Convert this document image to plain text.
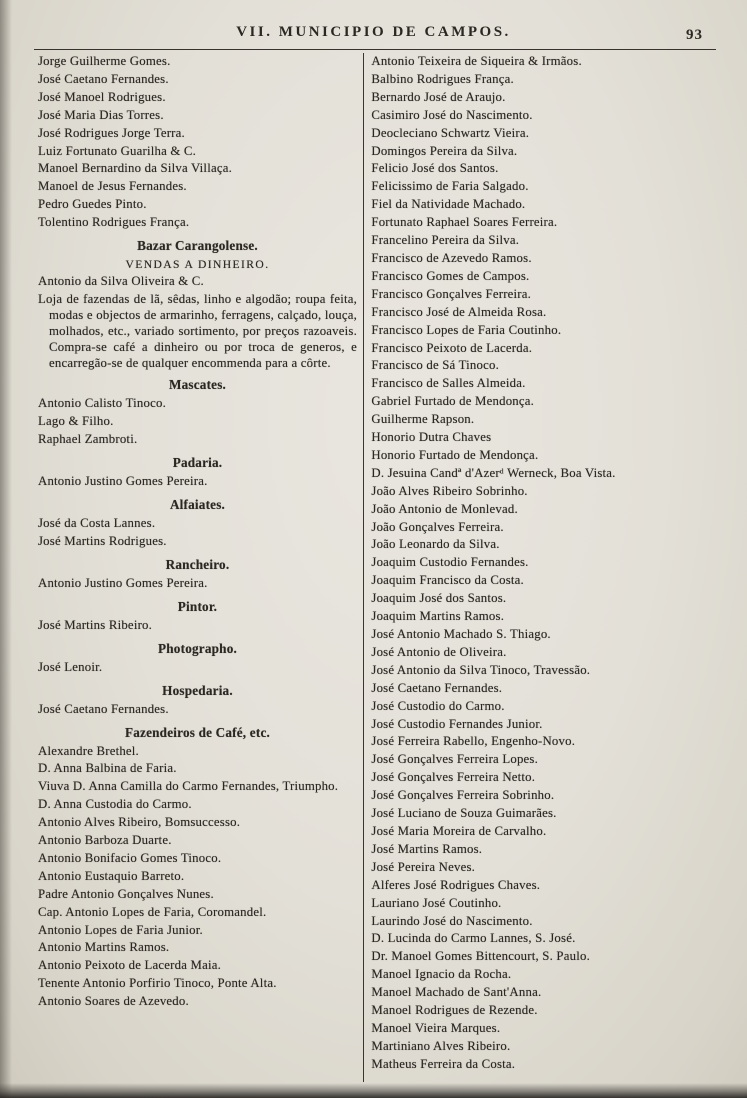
VII. MUNICIPIO DE CAMPOS.	93
Jorge Guilherme Gomes.
José Caetano Fernandes.
José Manoel Rodrigues.
José Maria Dias Torres.
José Rodrigues Jorge Terra.
Luiz Fortunato Guarilha & C.
Manoel Bernardino da Silva Villaça.
Manoel de Jesus Fernandes.
Pedro Guedes Pinto.
Tolentino Rodrigues França.
Bazar Carangolense.
VENDAS A DINHEIRO.
Antonio da Silva Oliveira & C.
Loja de fazendas de lã, sêdas, linho e algodão; roupa feita, modas e objectos de armarinho, ferragens, calçado, louça, molhados, etc., variado sortimento, por preços razoaveis. Compra-se café a dinheiro ou por troca de generos, e encarregão-se de qualquer encommenda para a côrte.
Mascates.
Antonio Calisto Tinoco.
Lago & Filho.
Raphael Zambroti.
Padaria.
Antonio Justino Gomes Pereira.
Alfaiates.
José da Costa Lannes.
José Martins Rodrigues.
Rancheiro.
Antonio Justino Gomes Pereira.
Pintor.
José Martins Ribeiro.
Photographo.
José Lenoir.
Hospedaria.
José Caetano Fernandes.
Fazendeiros de Café, etc.
Alexandre Brethel.
D. Anna Balbina de Faria.
Viuva D. Anna Camilla do Carmo Fernandes, Triumpho.
D. Anna Custodia do Carmo.
Antonio Alves Ribeiro, Bomsuccesso.
Antonio Barboza Duarte.
Antonio Bonifacio Gomes Tinoco.
Antonio Eustaquio Barreto.
Padre Antonio Gonçalves Nunes.
Cap. Antonio Lopes de Faria, Coromandel.
Antonio Lopes de Faria Junior.
Antonio Martins Ramos.
Antonio Peixoto de Lacerda Maia.
Tenente Antonio Porfirio Tinoco, Ponte Alta.
Antonio Soares de Azevedo.
Antonio Teixeira de Siqueira & Irmãos.
Balbino Rodrigues França.
Bernardo José de Araujo.
Casimiro José do Nascimento.
Deocleciano Schwartz Vieira.
Domingos Pereira da Silva.
Felicio José dos Santos.
Felicissimo de Faria Salgado.
Fiel da Natividade Machado.
Fortunato Raphael Soares Ferreira.
Francelino Pereira da Silva.
Francisco de Azevedo Ramos.
Francisco Gomes de Campos.
Francisco Gonçalves Ferreira.
Francisco José de Almeida Rosa.
Francisco Lopes de Faria Coutinho.
Francisco Peixoto de Lacerda.
Francisco de Sá Tinoco.
Francisco de Salles Almeida.
Gabriel Furtado de Mendonça.
Guilherme Rapson.
Honorio Dutra Chaves
Honorio Furtado de Mendonça.
D. Jesuina Candª d'Azerᵈ Werneck, Boa Vista.
João Alves Ribeiro Sobrinho.
João Antonio de Monlevad.
João Gonçalves Ferreira.
João Leonardo da Silva.
Joaquim Custodio Fernandes.
Joaquim Francisco da Costa.
Joaquim José dos Santos.
Joaquim Martins Ramos.
José Antonio Machado S. Thiago.
José Antonio de Oliveira.
José Antonio da Silva Tinoco, Travessão.
José Caetano Fernandes.
José Custodio do Carmo.
José Custodio Fernandes Junior.
José Ferreira Rabello, Engenho-Novo.
José Gonçalves Ferreira Lopes.
José Gonçalves Ferreira Netto.
José Gonçalves Ferreira Sobrinho.
José Luciano de Souza Guimarães.
José Maria Moreira de Carvalho.
José Martins Ramos.
José Pereira Neves.
Alferes José Rodrigues Chaves.
Lauriano José Coutinho.
Laurindo José do Nascimento.
D. Lucinda do Carmo Lannes, S. José.
Dr. Manoel Gomes Bittencourt, S. Paulo.
Manoel Ignacio da Rocha.
Manoel Machado de Sant'Anna.
Manoel Rodrigues de Rezende.
Manoel Vieira Marques.
Martiniano Alves Ribeiro.
Matheus Ferreira da Costa.
